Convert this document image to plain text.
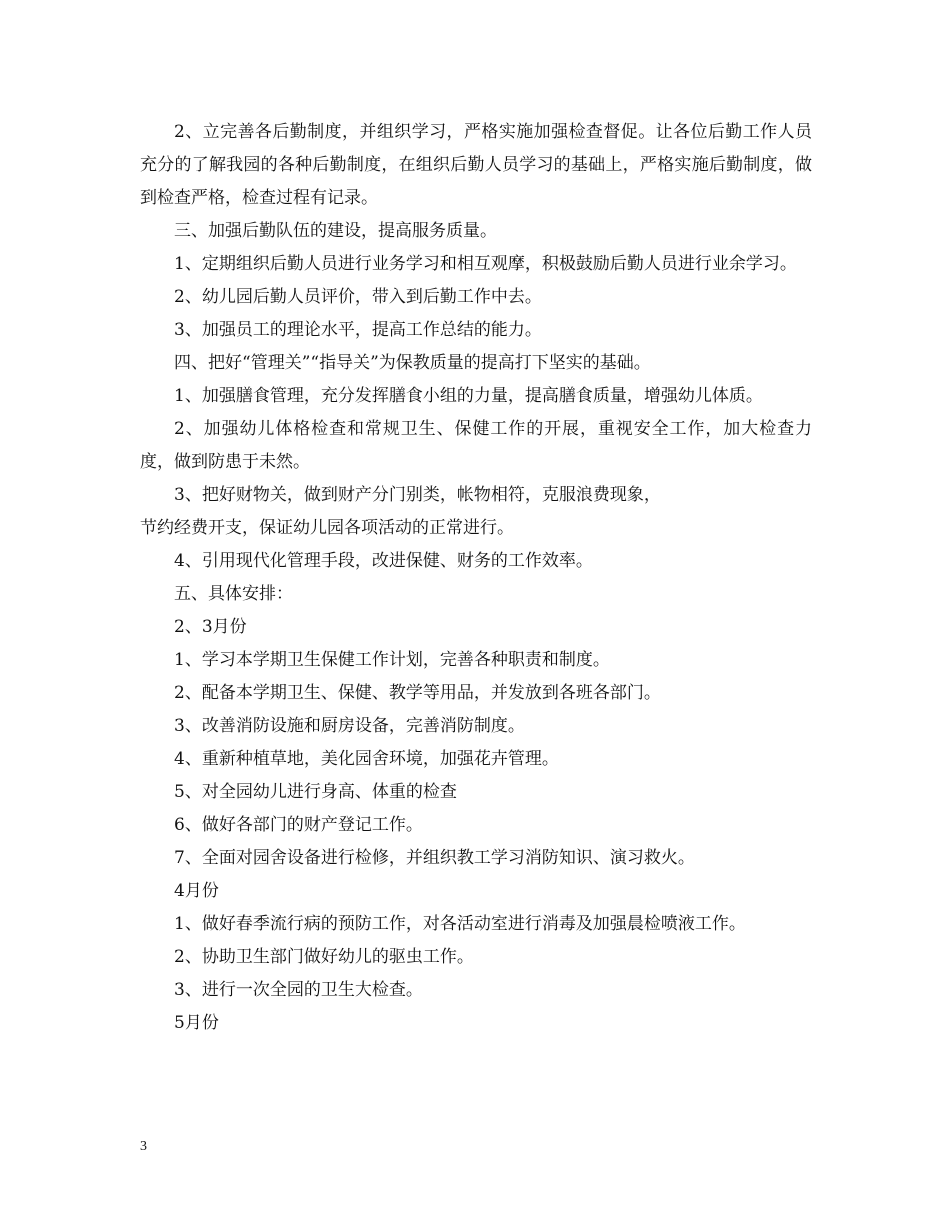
2、立完善各后勤制度，并组织学习，严格实施加强检查督促。让各位后勤工作人员充分的了解我园的各种后勤制度，在组织后勤人员学习的基础上，严格实施后勤制度，做到检查严格，检查过程有记录。

三、加强后勤队伍的建设，提高服务质量。

1、定期组织后勤人员进行业务学习和相互观摩，积极鼓励后勤人员进行业余学习。

2、幼儿园后勤人员评价，带入到后勤工作中去。

3、加强员工的理论水平，提高工作总结的能力。

四、把好“管理关”“指导关”为保教质量的提高打下坚实的基础。

1、加强膳食管理，充分发挥膳食小组的力量，提高膳食质量，增强幼儿体质。

2、加强幼儿体格检查和常规卫生、保健工作的开展，重视安全工作，加大检查力度，做到防患于未然。

3、把好财物关，做到财产分门别类，帐物相符，克服浪费现象，

节约经费开支，保证幼儿园各项活动的正常进行。

4、引用现代化管理手段，改进保健、财务的工作效率。

五、具体安排：

2、3月份

1、学习本学期卫生保健工作计划，完善各种职责和制度。

2、配备本学期卫生、保健、教学等用品，并发放到各班各部门。

3、改善消防设施和厨房设备，完善消防制度。

4、重新种植草地，美化园舍环境，加强花卉管理。

5、对全园幼儿进行身高、体重的检查

6、做好各部门的财产登记工作。

7、全面对园舍设备进行检修，并组织教工学习消防知识、演习救火。

4月份

1、做好春季流行病的预防工作，对各活动室进行消毒及加强晨检喷液工作。

2、协助卫生部门做好幼儿的驱虫工作。

3、进行一次全园的卫生大检查。

5月份

3
